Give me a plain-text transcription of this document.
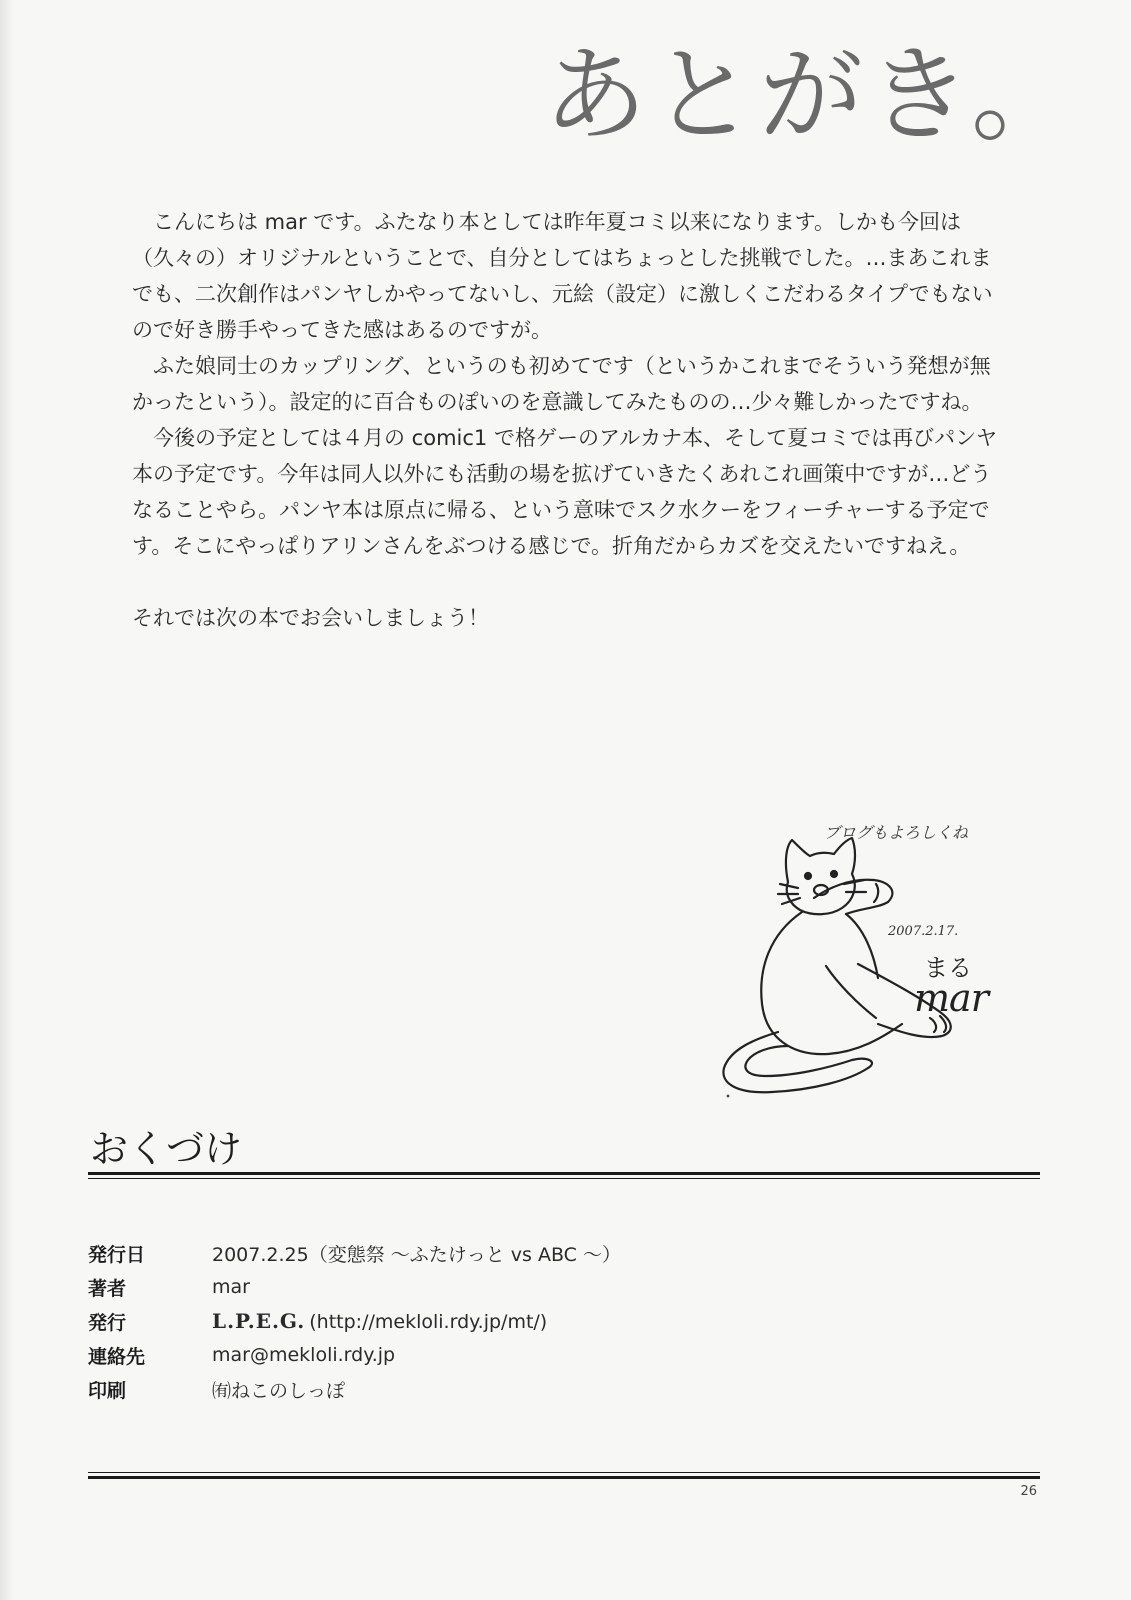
あとがき。

こんにちは mar です。ふたなり本としては昨年夏コミ以来になります。しかも今回は（久々の）オリジナルということで、自分としてはちょっとした挑戦でした。…まあこれまでも、二次創作はパンヤしかやってないし、元絵（設定）に激しくこだわるタイプでもないので好き勝手やってきた感はあるのですが。

ふた娘同士のカップリング、というのも初めてです（というかこれまでそういう発想が無かったという）。設定的に百合ものぽいのを意識してみたものの…少々難しかったですね。

今後の予定としては４月の comic1 で格ゲーのアルカナ本、そして夏コミでは再びパンヤ本の予定です。今年は同人以外にも活動の場を拡げていきたくあれこれ画策中ですが…どうなることやら。パンヤ本は原点に帰る、という意味でスク水クーをフィーチャーする予定です。そこにやっぱりアリンさんをぶつける感じで。折角だからカズを交えたいですねえ。

それでは次の本でお会いしましょう！

ブログもよろしくね
2007.2.17.
まる
mar
おくづけ
発行日	2007.2.25（変態祭 〜ふたけっと vs ABC 〜）
著者	mar
発行	L.P.E.G. (http://mekloli.rdy.jp/mt/)
連絡先	mar@mekloli.rdy.jp
印刷	㈲ねこのしっぽ
26
